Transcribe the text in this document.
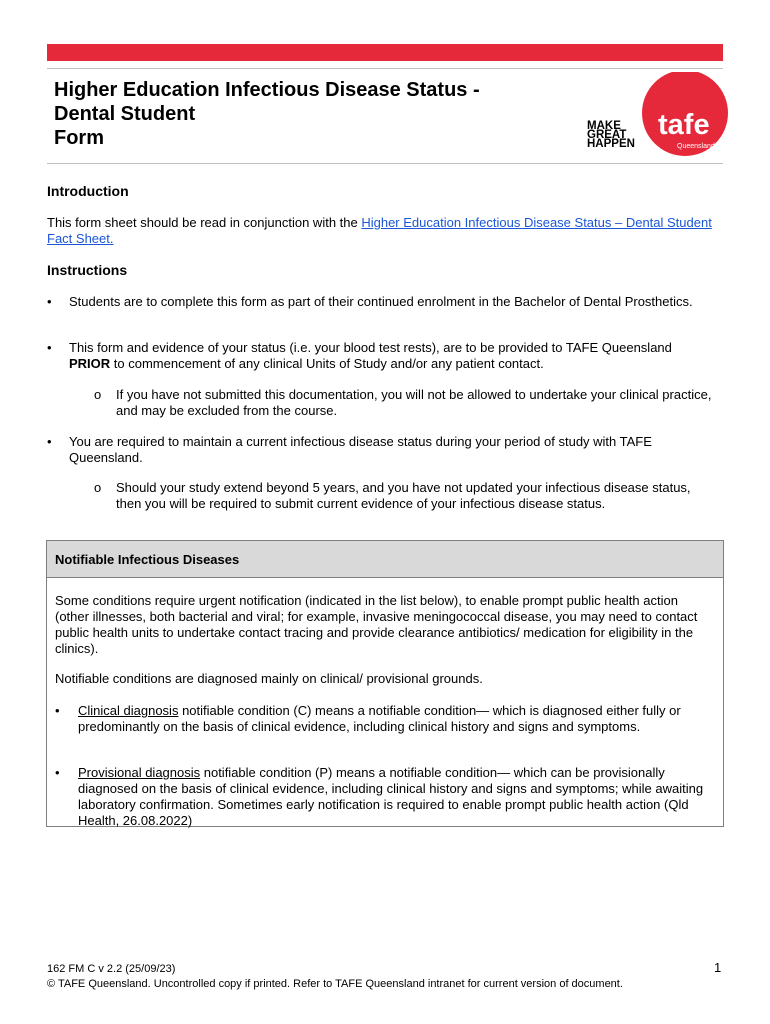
Higher Education Infectious Disease Status -
Dental Student
Form
MAKE
GREAT
HAPPEN
tafe
Queensland
Introduction

This form sheet should be read in conjunction with the Higher Education Infectious Disease Status – Dental Student Fact Sheet.

Instructions
• Students are to complete this form as part of their continued enrolment in the Bachelor of Dental Prosthetics.
• This form and evidence of your status (i.e. your blood test rests), are to be provided to TAFE Queensland PRIOR to commencement of any clinical Units of Study and/or any patient contact.
o If you have not submitted this documentation, you will not be allowed to undertake your clinical practice, and may be excluded from the course.
• You are required to maintain a current infectious disease status during your period of study with TAFE Queensland.
o Should your study extend beyond 5 years, and you have not updated your infectious disease status, then you will be required to submit current evidence of your infectious disease status.
Notifiable Infectious Diseases

Some conditions require urgent notification (indicated in the list below), to enable prompt public health action (other illnesses, both bacterial and viral; for example, invasive meningococcal disease, you may need to contact public health units to undertake contact tracing and provide clearance antibiotics/ medication for eligibility in the clinics).

Notifiable conditions are diagnosed mainly on clinical/ provisional grounds.

• Clinical diagnosis notifiable condition (C) means a notifiable condition— which is diagnosed either fully or predominantly on the basis of clinical evidence, including clinical history and signs and symptoms.
• Provisional diagnosis notifiable condition (P) means a notifiable condition— which can be provisionally diagnosed on the basis of clinical evidence, including clinical history and signs and symptoms; while awaiting laboratory confirmation. Sometimes early notification is required to enable prompt public health action (Qld Health, 26.08.2022)
162 FM C v 2.2 (25/09/23)
© TAFE Queensland. Uncontrolled copy if printed. Refer to TAFE Queensland intranet for current version of document.
1
